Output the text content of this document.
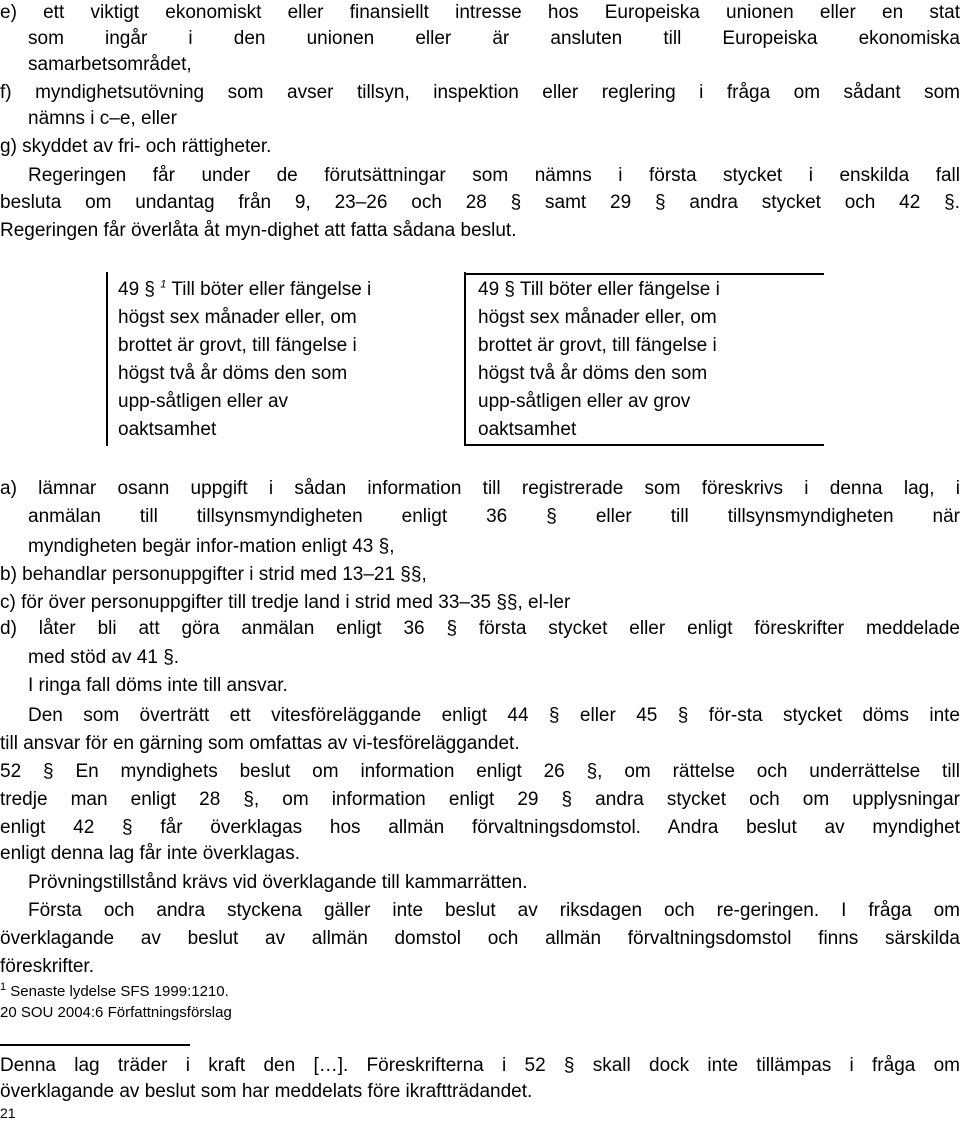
e) ett viktigt ekonomiskt eller finansiellt intresse hos Europeiska unionen eller en stat

som ingår i den unionen eller är ansluten till Europeiska ekonomiska

samarbetsområdet,

f) myndighetsutövning som avser tillsyn, inspektion eller reglering i fråga om sådant som

nämns i c–e, eller

g) skyddet av fri- och rättigheter.

Regeringen får under de förutsättningar som nämns i första stycket i enskilda fall

besluta om undantag från 9, 23–26 och 28 § samt 29 § andra stycket och 42 §.

Regeringen får överlåta åt myn-dighet att fatta sådana beslut.

49 § $^1$ Till böter eller fängelse i

högst sex månader eller, om

brottet är grovt, till fängelse i

högst två år döms den som

upp-såtligen eller av

oaktsamhet

49 § Till böter eller fängelse i

högst sex månader eller, om

brottet är grovt, till fängelse i

högst två år döms den som

upp-såtligen eller av grov

oaktsamhet

a) lämnar osann uppgift i sådan information till registrerade som föreskrivs i denna lag, i

anmälan till tillsynsmyndigheten enligt 36 § eller till tillsynsmyndigheten när

myndigheten begär infor-mation enligt 43 §,

b) behandlar personuppgifter i strid med 13–21 §§,

c) för över personuppgifter till tredje land i strid med 33–35 §§, el-ler

d) låter bli att göra anmälan enligt 36 § första stycket eller enligt föreskrifter meddelade

med stöd av 41 §.

I ringa fall döms inte till ansvar.

Den som överträtt ett vitesföreläggande enligt 44 § eller 45 § för-sta stycket döms inte

till ansvar för en gärning som omfattas av vi-tesföreläggandet.

52 § En myndighets beslut om information enligt 26 §, om rättelse och underrättelse till

tredje man enligt 28 §, om information enligt 29 § andra stycket och om upplysningar

enligt 42 § får överklagas hos allmän förvaltningsdomstol. Andra beslut av myndighet

enligt denna lag får inte överklagas.

Prövningstillstånd krävs vid överklagande till kammarrätten.

Första och andra styckena gäller inte beslut av riksdagen och re-geringen. I fråga om

överklagande av beslut av allmän domstol och allmän förvaltningsdomstol finns särskilda

föreskrifter.

$^1$ Senaste lydelse SFS 1999:1210.

20 SOU 2004:6 Författningsförslag

Denna lag träder i kraft den […]. Föreskrifterna i 52 § skall dock inte tillämpas i fråga om

överklagande av beslut som har meddelats före ikraftträdandet.

21
